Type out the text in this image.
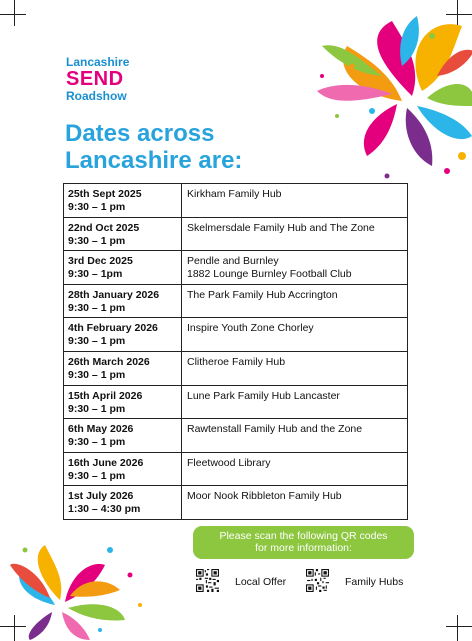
Lancashire
SEND
Roadshow
Dates across
Lancashire are:
25th Sept 2025
9:30 – 1 pm	Kirkham Family Hub
22nd Oct 2025
9:30 – 1 pm	Skelmersdale Family Hub and The Zone
3rd Dec 2025
9:30 – 1pm	Pendle and Burnley
1882 Lounge Burnley Football Club
28th January 2026
9:30 – 1 pm	The Park Family Hub Accrington
4th February 2026
9:30 – 1 pm	Inspire Youth Zone Chorley
26th March 2026
9:30 – 1 pm	Clitheroe Family Hub
15th April 2026
9:30 – 1 pm	Lune Park Family Hub Lancaster
6th May 2026
9:30 – 1 pm	Rawtenstall Family Hub and the Zone
16th June 2026
9:30 – 1 pm	Fleetwood Library
1st July 2026
1:30 – 4:30 pm	Moor Nook Ribbleton Family Hub
Please scan the following QR codes
for more information:
Local Offer	Family Hubs
